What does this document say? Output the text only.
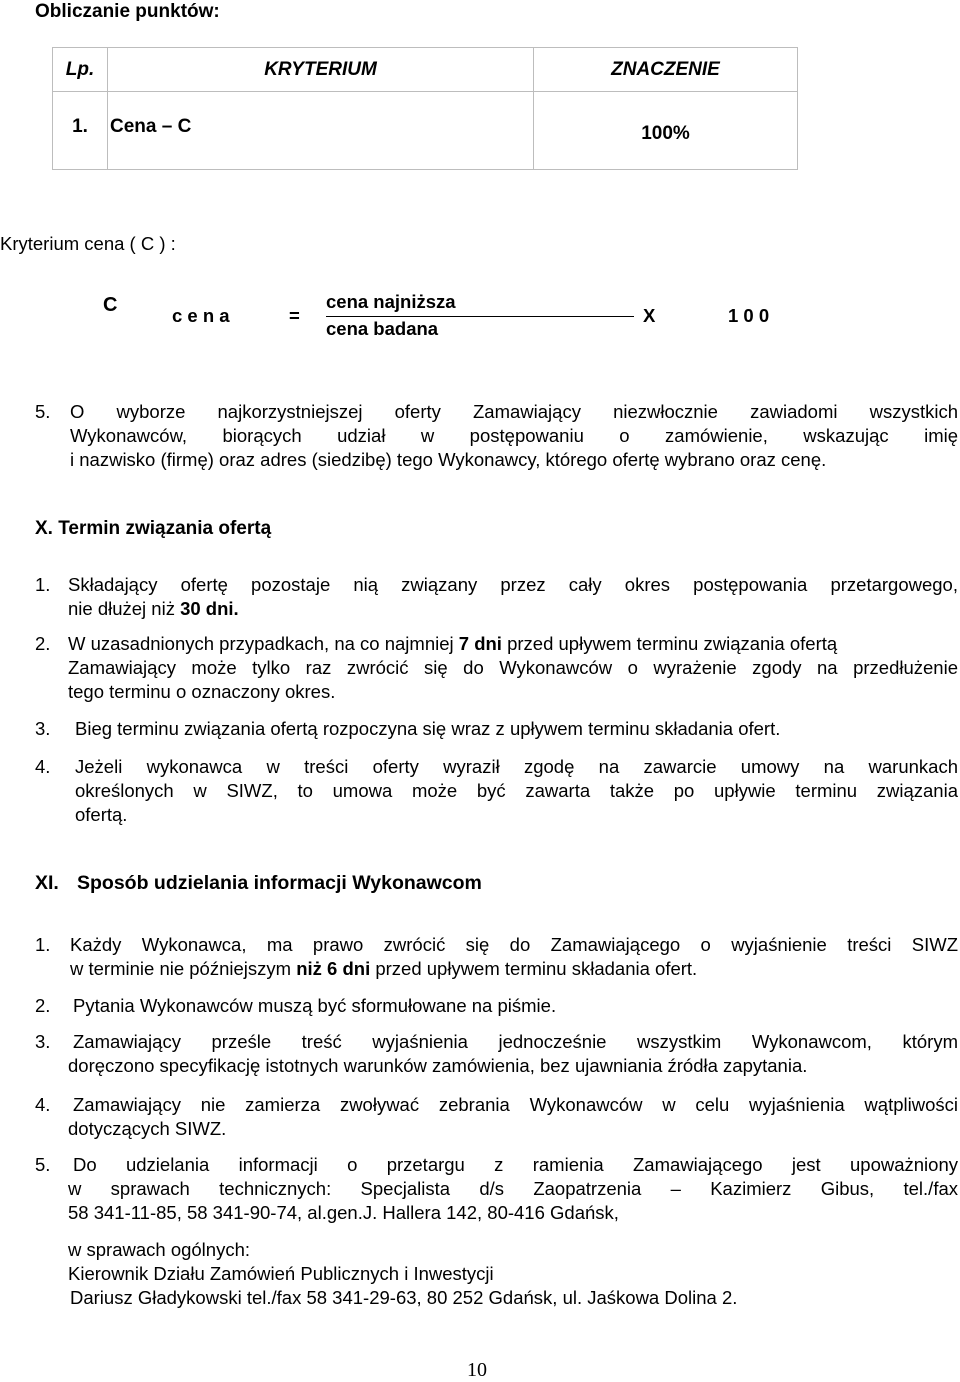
Obliczanie punktów:
Lp.	KRYTERIUM	ZNACZENIE
1.	Cena – C	100%
Kryterium cena ( C ) :
C	c e n a	=
cena najniższa
cena badana
X	1 0 0
5. O wyborze najkorzystniejszej oferty Zamawiający niezwłocznie zawiadomi wszystkich
Wykonawców, biorących udział w postępowaniu o zamówienie, wskazując imię
i nazwisko (firmę) oraz adres (siedzibę) tego Wykonawcy, którego ofertę wybrano oraz cenę.
X. Termin związania ofertą
1. Składający ofertę pozostaje nią związany przez cały okres postępowania przetargowego,
nie dłużej niż 30 dni.
2. W uzasadnionych przypadkach, na co najmniej 7 dni przed upływem terminu związania ofertą
Zamawiający może tylko raz zwrócić się do Wykonawców o wyrażenie zgody na przedłużenie
tego terminu o oznaczony okres.
3. Bieg terminu związania ofertą rozpoczyna się wraz z upływem terminu składania ofert.
4. Jeżeli wykonawca w treści oferty wyraził zgodę na zawarcie umowy na warunkach
określonych w SIWZ, to umowa może być zawarta także po upływie terminu związania
ofertą.
XI. Sposób udzielania informacji Wykonawcom
1. Każdy Wykonawca, ma prawo zwrócić się do Zamawiającego o wyjaśnienie treści SIWZ
w terminie nie późniejszym niż 6 dni przed upływem terminu składania ofert.
2. Pytania Wykonawców muszą być sformułowane na piśmie.
3. Zamawiający prześle treść wyjaśnienia jednocześnie wszystkim Wykonawcom, którym
doręczono specyfikację istotnych warunków zamówienia, bez ujawniania źródła zapytania.
4. Zamawiający nie zamierza zwoływać zebrania Wykonawców w celu wyjaśnienia wątpliwości
dotyczących SIWZ.
5. Do udzielania informacji o przetargu z ramienia Zamawiającego jest upoważniony
w sprawach technicznych: Specjalista d/s Zaopatrzenia – Kazimierz Gibus, tel./fax
58 341-11-85, 58 341-90-74, al.gen.J. Hallera 142, 80-416 Gdańsk,
w sprawach ogólnych:
Kierownik Działu Zamówień Publicznych i Inwestycji
Dariusz Gładykowski tel./fax 58 341-29-63, 80 252 Gdańsk, ul. Jaśkowa Dolina 2.
10
